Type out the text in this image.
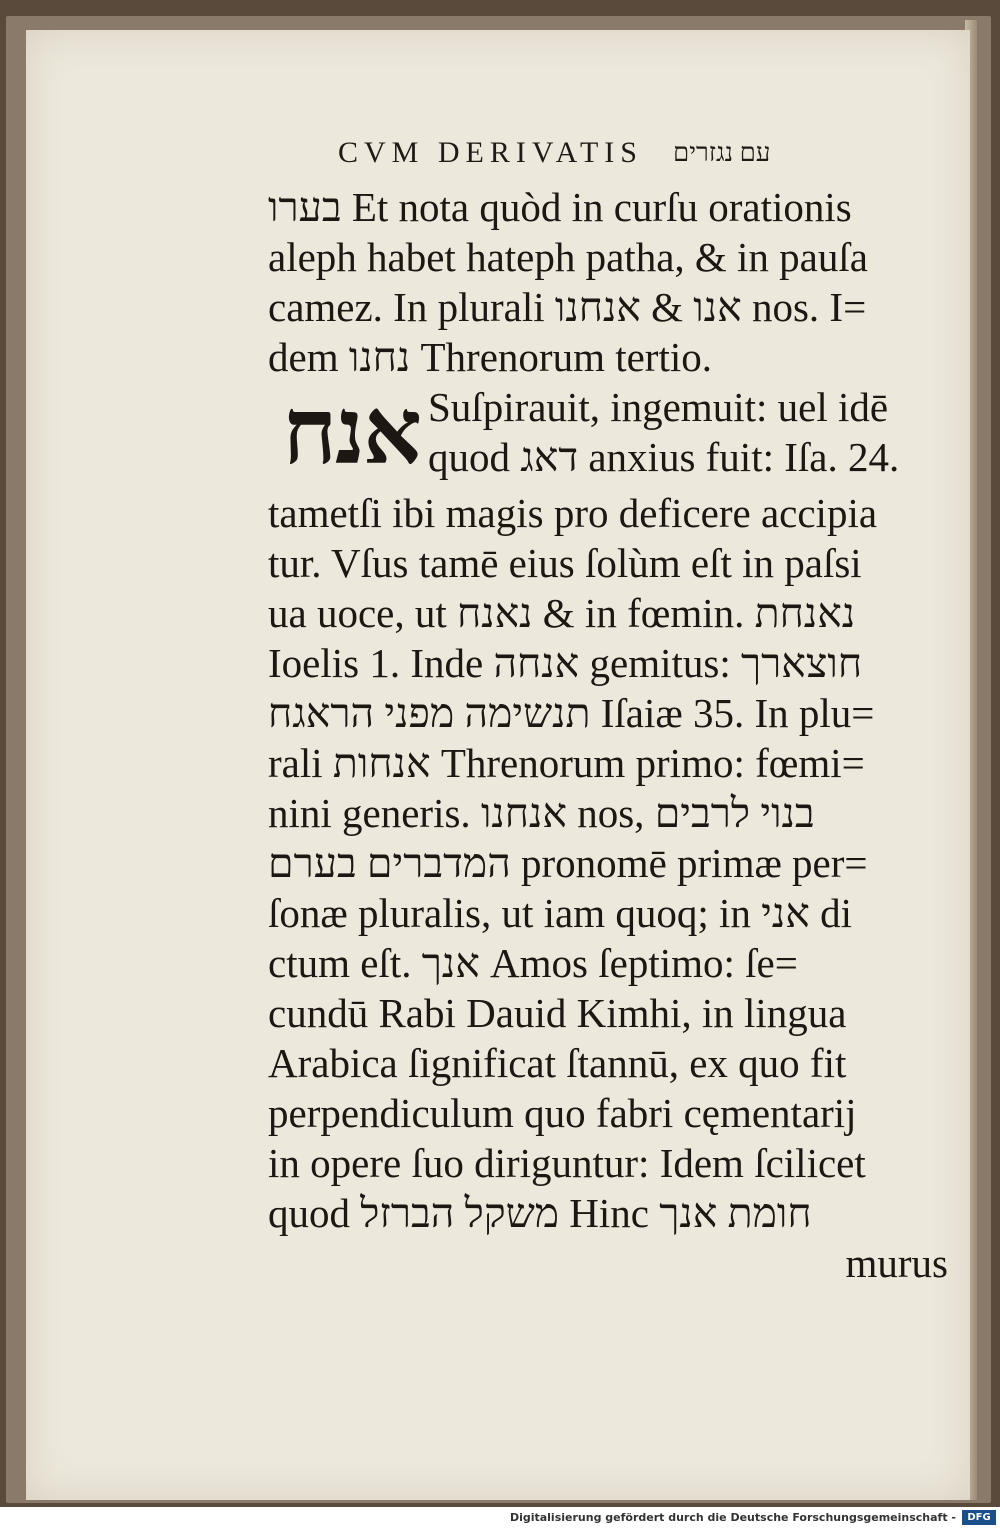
CVM DERIVATIS עם נגזרים
בערו Et nota quòd in curſu orationis
aleph habet hateph patha, & in pauſa
camez. In plurali אנו & אנחנו nos. I=
dem נחנו Threnorum tertio.
אנח Suſpirauit, ingemuit: uel idē
quod דאג anxius fuit: Iſa. 24.
tametſi ibi magis pro deficere accipia
tur. Vſus tamē eius ſolùm eſt in paſsi
ua uoce, ut נאנח & in fœmin. נאנחת
Ioelis 1. Inde אנחה gemitus: חוצארך
תנשימה מפני הראגח Iſaiæ 35. In plu=
rali אנחות Threnorum primo: fœmi=
nini generis. אנחנו nos, בנוי לרבים
המדברים בערם pronomē primæ per=
ſonæ pluralis, ut iam quoq; in אני di
ctum eſt. אנך Amos ſeptimo: ſe=
cundū Rabi Dauid Kimhi, in lingua
Arabica ſignificat ſtannū, ex quo fit
perpendiculum quo fabri cęmentarij
in opere ſuo diriguntur: Idem ſcilicet
quod משקל הברזל Hinc חומת אנך
murus
Digitalisierung gefördert durch die Deutsche Forschungsgemeinschaft -	DFG
